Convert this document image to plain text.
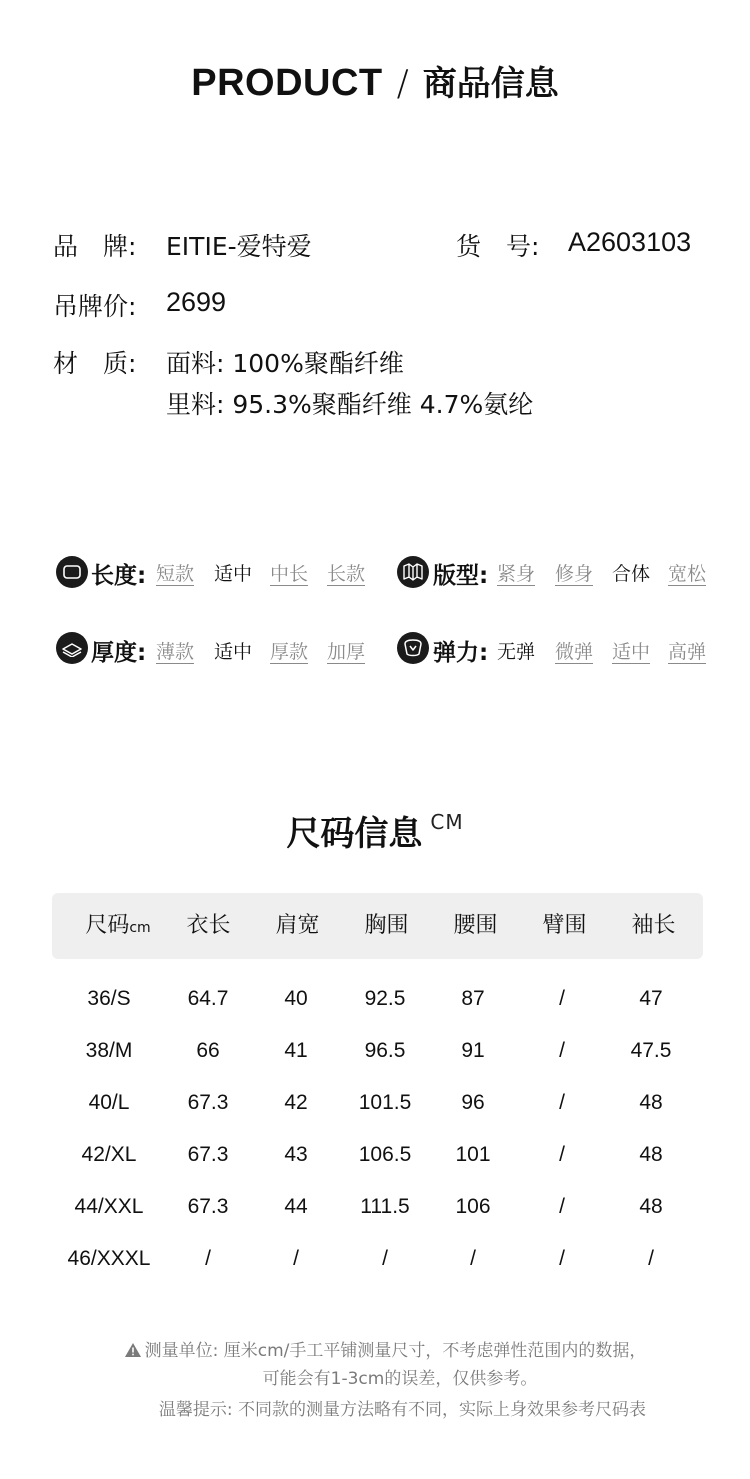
PRODUCT / 商品信息
品　牌: EITIE-爱特爱	货　号: A2603103
吊牌价: 2699
材　质: 面料: 100%聚酯纤维
里料: 95.3%聚酯纤维 4.7%氨纶
长度: 短款 适中 中长 长款	版型: 紧身 修身 合体 宽松
厚度: 薄款 适中 厚款 加厚	弹力: 无弹 微弹 适中 高弹
尺码信息 CM
尺码cm	衣长	肩宽	胸围	腰围	臂围	袖长
36/S	64.7	40	92.5	87	/	47
38/M	66	41	96.5	91	/	47.5
40/L	67.3	42	101.5	96	/	48
42/XL	67.3	43	106.5	101	/	48
44/XXL	67.3	44	111.5	106	/	48
46/XXXL	/	/	/	/	/	/
测量单位: 厘米cm/手工平铺测量尺寸，不考虑弹性范围内的数据，
可能会有1-3cm的误差，仅供参考。
温馨提示: 不同款的测量方法略有不同，实际上身效果参考尺码表
